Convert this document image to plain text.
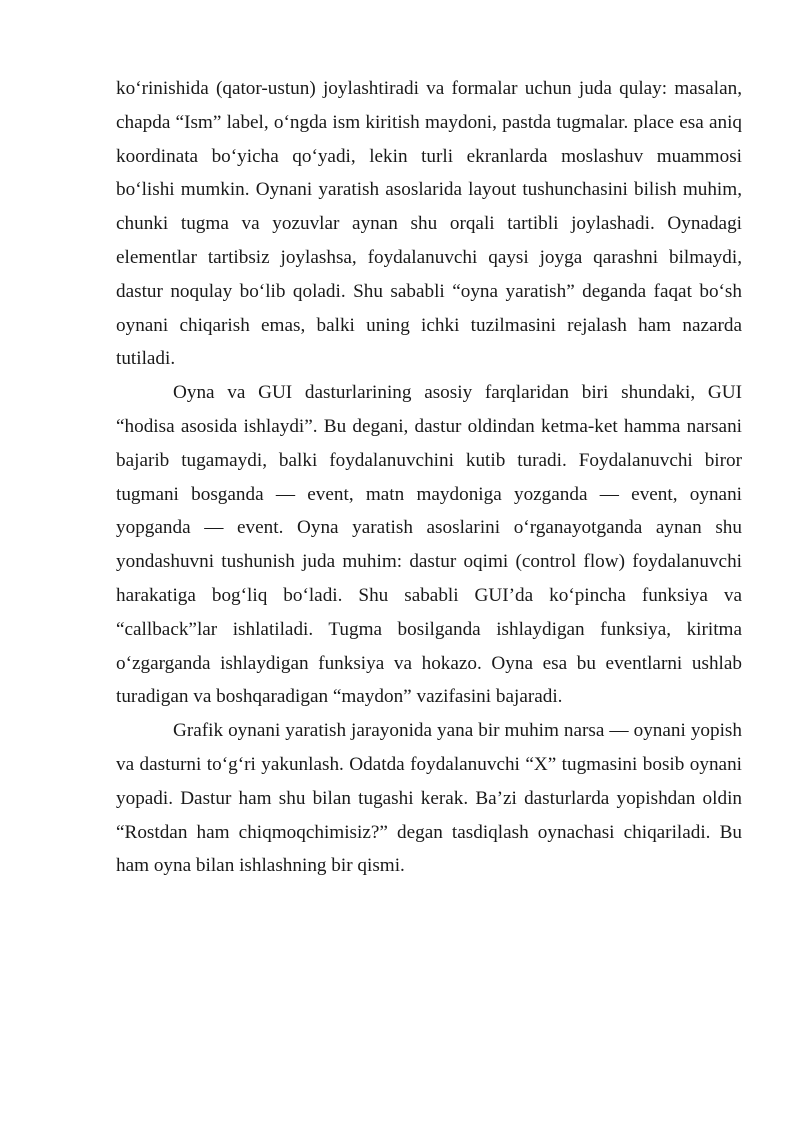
ko‘rinishida (qator-ustun) joylashtiradi va formalar uchun juda qulay: masalan, chapda “Ism” label, o‘ngda ism kiritish maydoni, pastda tugmalar. place esa aniq koordinata bo‘yicha qo‘yadi, lekin turli ekranlarda moslashuv muammosi bo‘lishi mumkin. Oynani yaratish asoslarida layout tushunchasini bilish muhim, chunki tugma va yozuvlar aynan shu orqali tartibli joylashadi. Oynadagi elementlar tartibsiz joylashsa, foydalanuvchi qaysi joyga qarashni bilmaydi, dastur noqulay bo‘lib qoladi. Shu sababli “oyna yaratish” deganda faqat bo‘sh oynani chiqarish emas, balki uning ichki tuzilmasini rejalash ham nazarda tutiladi.

Oyna va GUI dasturlarining asosiy farqlaridan biri shundaki, GUI “hodisa asosida ishlaydi”. Bu degani, dastur oldindan ketma-ket hamma narsani bajarib tugamaydi, balki foydalanuvchini kutib turadi. Foydalanuvchi biror tugmani bosganda — event, matn maydoniga yozganda — event, oynani yopganda — event. Oyna yaratish asoslarini o‘rganayotganda aynan shu yondashuvni tushunish juda muhim: dastur oqimi (control flow) foydalanuvchi harakatiga bog‘liq bo‘ladi. Shu sababli GUI’da ko‘pincha funksiya va “callback”lar ishlatiladi. Tugma bosilganda ishlaydigan funksiya, kiritma o‘zgarganda ishlaydigan funksiya va hokazo. Oyna esa bu eventlarni ushlab turadigan va boshqaradigan “maydon” vazifasini bajaradi.

Grafik oynani yaratish jarayonida yana bir muhim narsa — oynani yopish va dasturni to‘g‘ri yakunlash. Odatda foydalanuvchi “X” tugmasini bosib oynani yopadi. Dastur ham shu bilan tugashi kerak. Ba’zi dasturlarda yopishdan oldin “Rostdan ham chiqmoqchimisiz?” degan tasdiqlash oynachasi chiqariladi. Bu ham oyna bilan ishlashning bir qismi.
